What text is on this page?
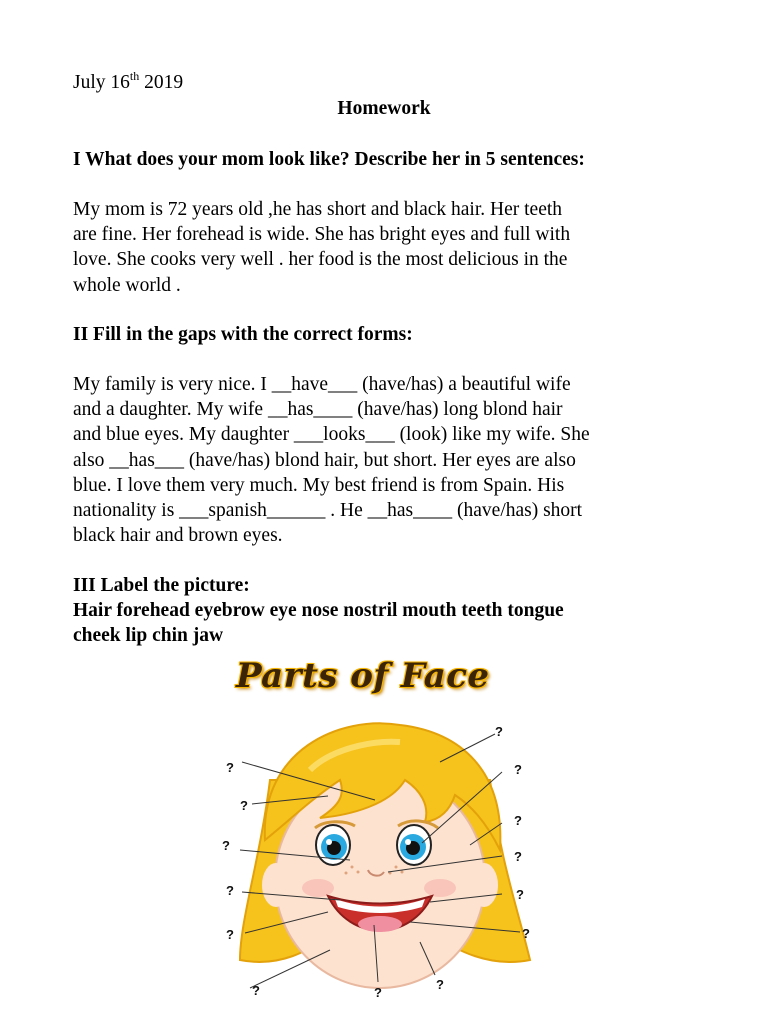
July 16th 2019
Homework
I What does your mom look like? Describe her in 5 sentences:
My mom is 72 years old ,he has short and black hair. Her teeth
are fine. Her forehead is wide. She has bright eyes and full with
love. She cooks very well . her food is the most delicious in the
whole world .
II Fill in the gaps with the correct forms:
My family is very nice. I __have___ (have/has) a beautiful wife
and a daughter. My wife __has____ (have/has) long blond hair
and blue eyes. My daughter ___looks___ (look) like my wife. She
also __has___ (have/has) blond hair, but short. Her eyes are also
blue. I love them very much. My best friend is from Spain. His
nationality is ___spanish______ . He __has____ (have/has) short
black hair and brown eyes.
III Label the picture:
Hair forehead eyebrow eye nose nostril mouth teeth tongue
cheek lip chin jaw
Parts of Face
?
?	?
?
?
?
?
?	?
?	?
?	?
?
